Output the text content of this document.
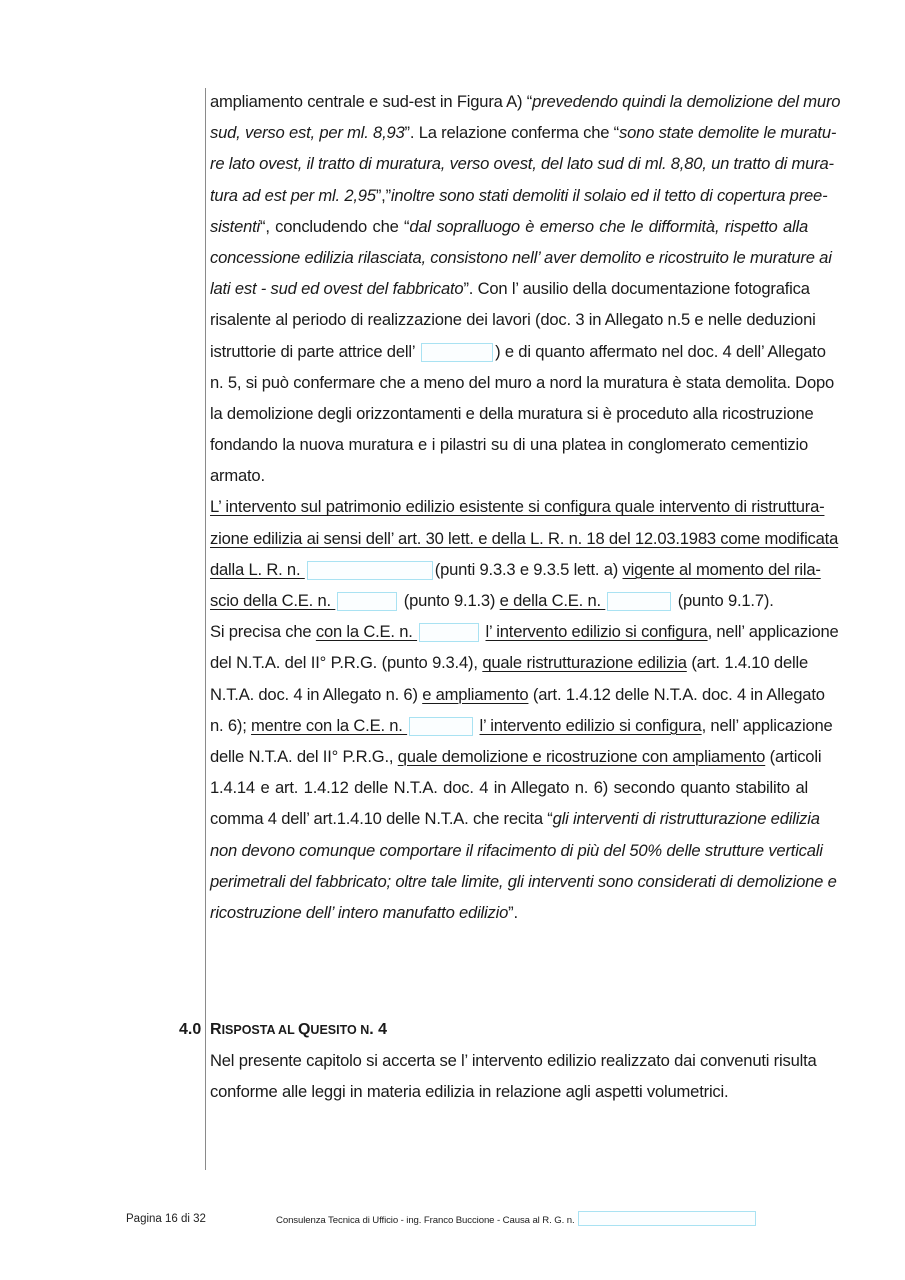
ampliamento centrale e sud-est in Figura A) “prevedendo quindi la demolizione del muro
sud, verso est, per ml. 8,93”. La relazione conferma che “sono state demolite le muratu-
re lato ovest, il tratto di muratura, verso ovest, del lato sud di ml. 8,80, un tratto di mura-
tura ad est per ml. 2,95”,”inoltre sono stati demoliti il solaio ed il tetto di copertura pree-
sistenti“, concludendo che “dal sopralluogo è emerso che le difformità, rispetto alla
concessione edilizia rilasciata, consistono nell’ aver demolito e ricostruito le murature ai
lati est - sud ed ovest del fabbricato”. Con l’ ausilio della documentazione fotografica
risalente al periodo di realizzazione dei lavori (doc. 3 in Allegato n.5 e nelle deduzioni
istruttorie di parte attrice dell’	) e di quanto affermato nel doc. 4 dell’ Allegato
n. 5, si può confermare che a meno del muro a nord la muratura è stata demolita. Dopo
la demolizione degli orizzontamenti e della muratura si è proceduto alla ricostruzione
fondando la nuova muratura e i pilastri su di una platea in conglomerato cementizio
armato.
L’ intervento sul patrimonio edilizio esistente si configura quale intervento di ristruttura-
zione edilizia ai sensi dell’ art. 30 lett. e della L. R. n. 18 del 12.03.1983 come modificata
dalla L. R. n.	(punti 9.3.3 e 9.3.5 lett. a) vigente al momento del rila-
scio della C.E. n.	(punto 9.1.3) e della C.E. n.	(punto 9.1.7).
Si precisa che con la C.E. n.	l’ intervento edilizio si configura, nell’ applicazione
del N.T.A. del II° P.R.G. (punto 9.3.4), quale ristrutturazione edilizia (art. 1.4.10 delle
N.T.A. doc. 4 in Allegato n. 6) e ampliamento (art. 1.4.12 delle N.T.A. doc. 4 in Allegato
n. 6); mentre con la C.E. n.	l’ intervento edilizio si configura, nell’ applicazione
delle N.T.A. del II° P.R.G., quale demolizione e ricostruzione con ampliamento (articoli
1.4.14 e art. 1.4.12 delle N.T.A. doc. 4 in Allegato n. 6) secondo quanto stabilito al
comma 4 dell’ art.1.4.10 delle N.T.A. che recita “gli interventi di ristrutturazione edilizia
non devono comunque comportare il rifacimento di più del 50% delle strutture verticali
perimetrali del fabbricato; oltre tale limite, gli interventi sono considerati di demolizione e
ricostruzione dell’ intero manufatto edilizio”.
4.0 RISPOSTA AL QUESITO N. 4
Nel presente capitolo si accerta se l’ intervento edilizio realizzato dai convenuti risulta
conforme alle leggi in materia edilizia in relazione agli aspetti volumetrici.
Pagina 16 di 32	Consulenza Tecnica di Ufficio - ing. Franco Buccione - Causa al R. G. n.
